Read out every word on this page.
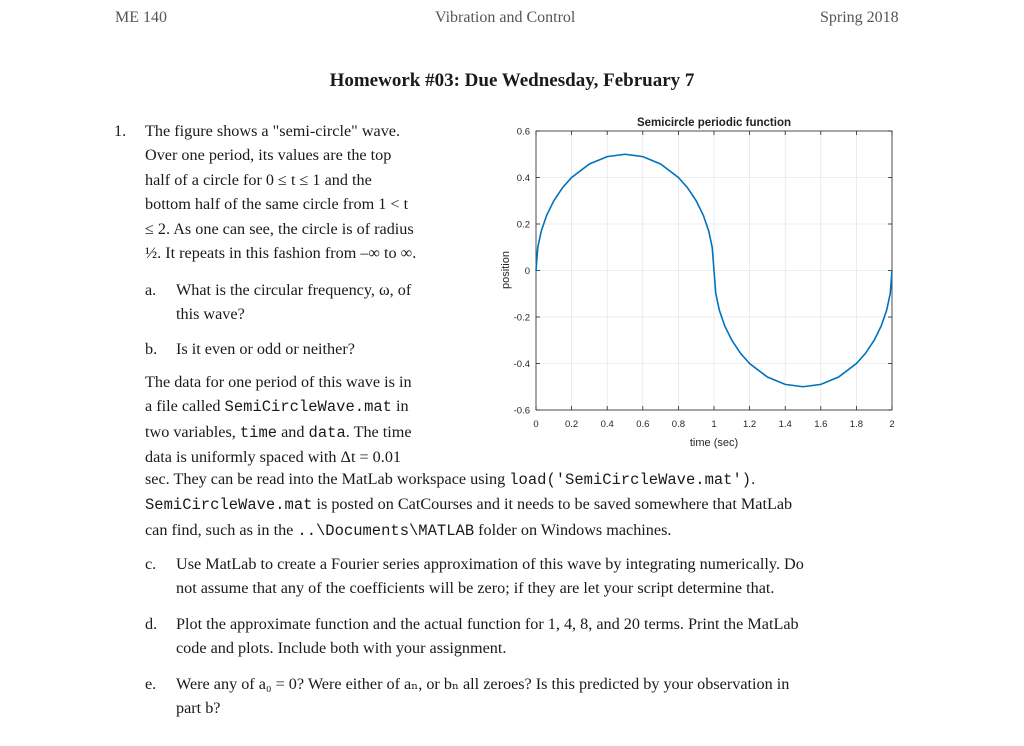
ME 140	Vibration and Control	Spring 2018
Homework #03: Due Wednesday, February 7
1. The figure shows a "semi-circle" wave.
Over one period, its values are the top
half of a circle for 0 ≤ t ≤ 1 and the
bottom half of the same circle from 1 < t
≤ 2. As one can see, the circle is of radius
½. It repeats in this fashion from –∞ to ∞.
a. What is the circular frequency, ω, of
this wave?
b. Is it even or odd or neither?
The data for one period of this wave is in
a file called SemiCircleWave.mat in
two variables, time and data. The time
data is uniformly spaced with Δt = 0.01
sec. They can be read into the MatLab workspace using load('SemiCircleWave.mat').
SemiCircleWave.mat is posted on CatCourses and it needs to be saved somewhere that MatLab
can find, such as in the ..\Documents\MATLAB folder on Windows machines.
c. Use MatLab to create a Fourier series approximation of this wave by integrating numerically. Do
not assume that any of the coefficients will be zero; if they are let your script determine that.
d. Plot the approximate function and the actual function for 1, 4, 8, and 20 terms. Print the MatLab
code and plots. Include both with your assignment.
e. Were any of a₀ = 0? Were either of aₙ, or bₙ all zeroes? Is this predicted by your observation in
part b?
Semicircle periodic function
0	0.2 0.4 0.6 0.8	1	1.2 1.4 1.6 1.8	2
-0.6
-0.4
-0.2
0
0.2
0.4
0.6
time (sec)
position
